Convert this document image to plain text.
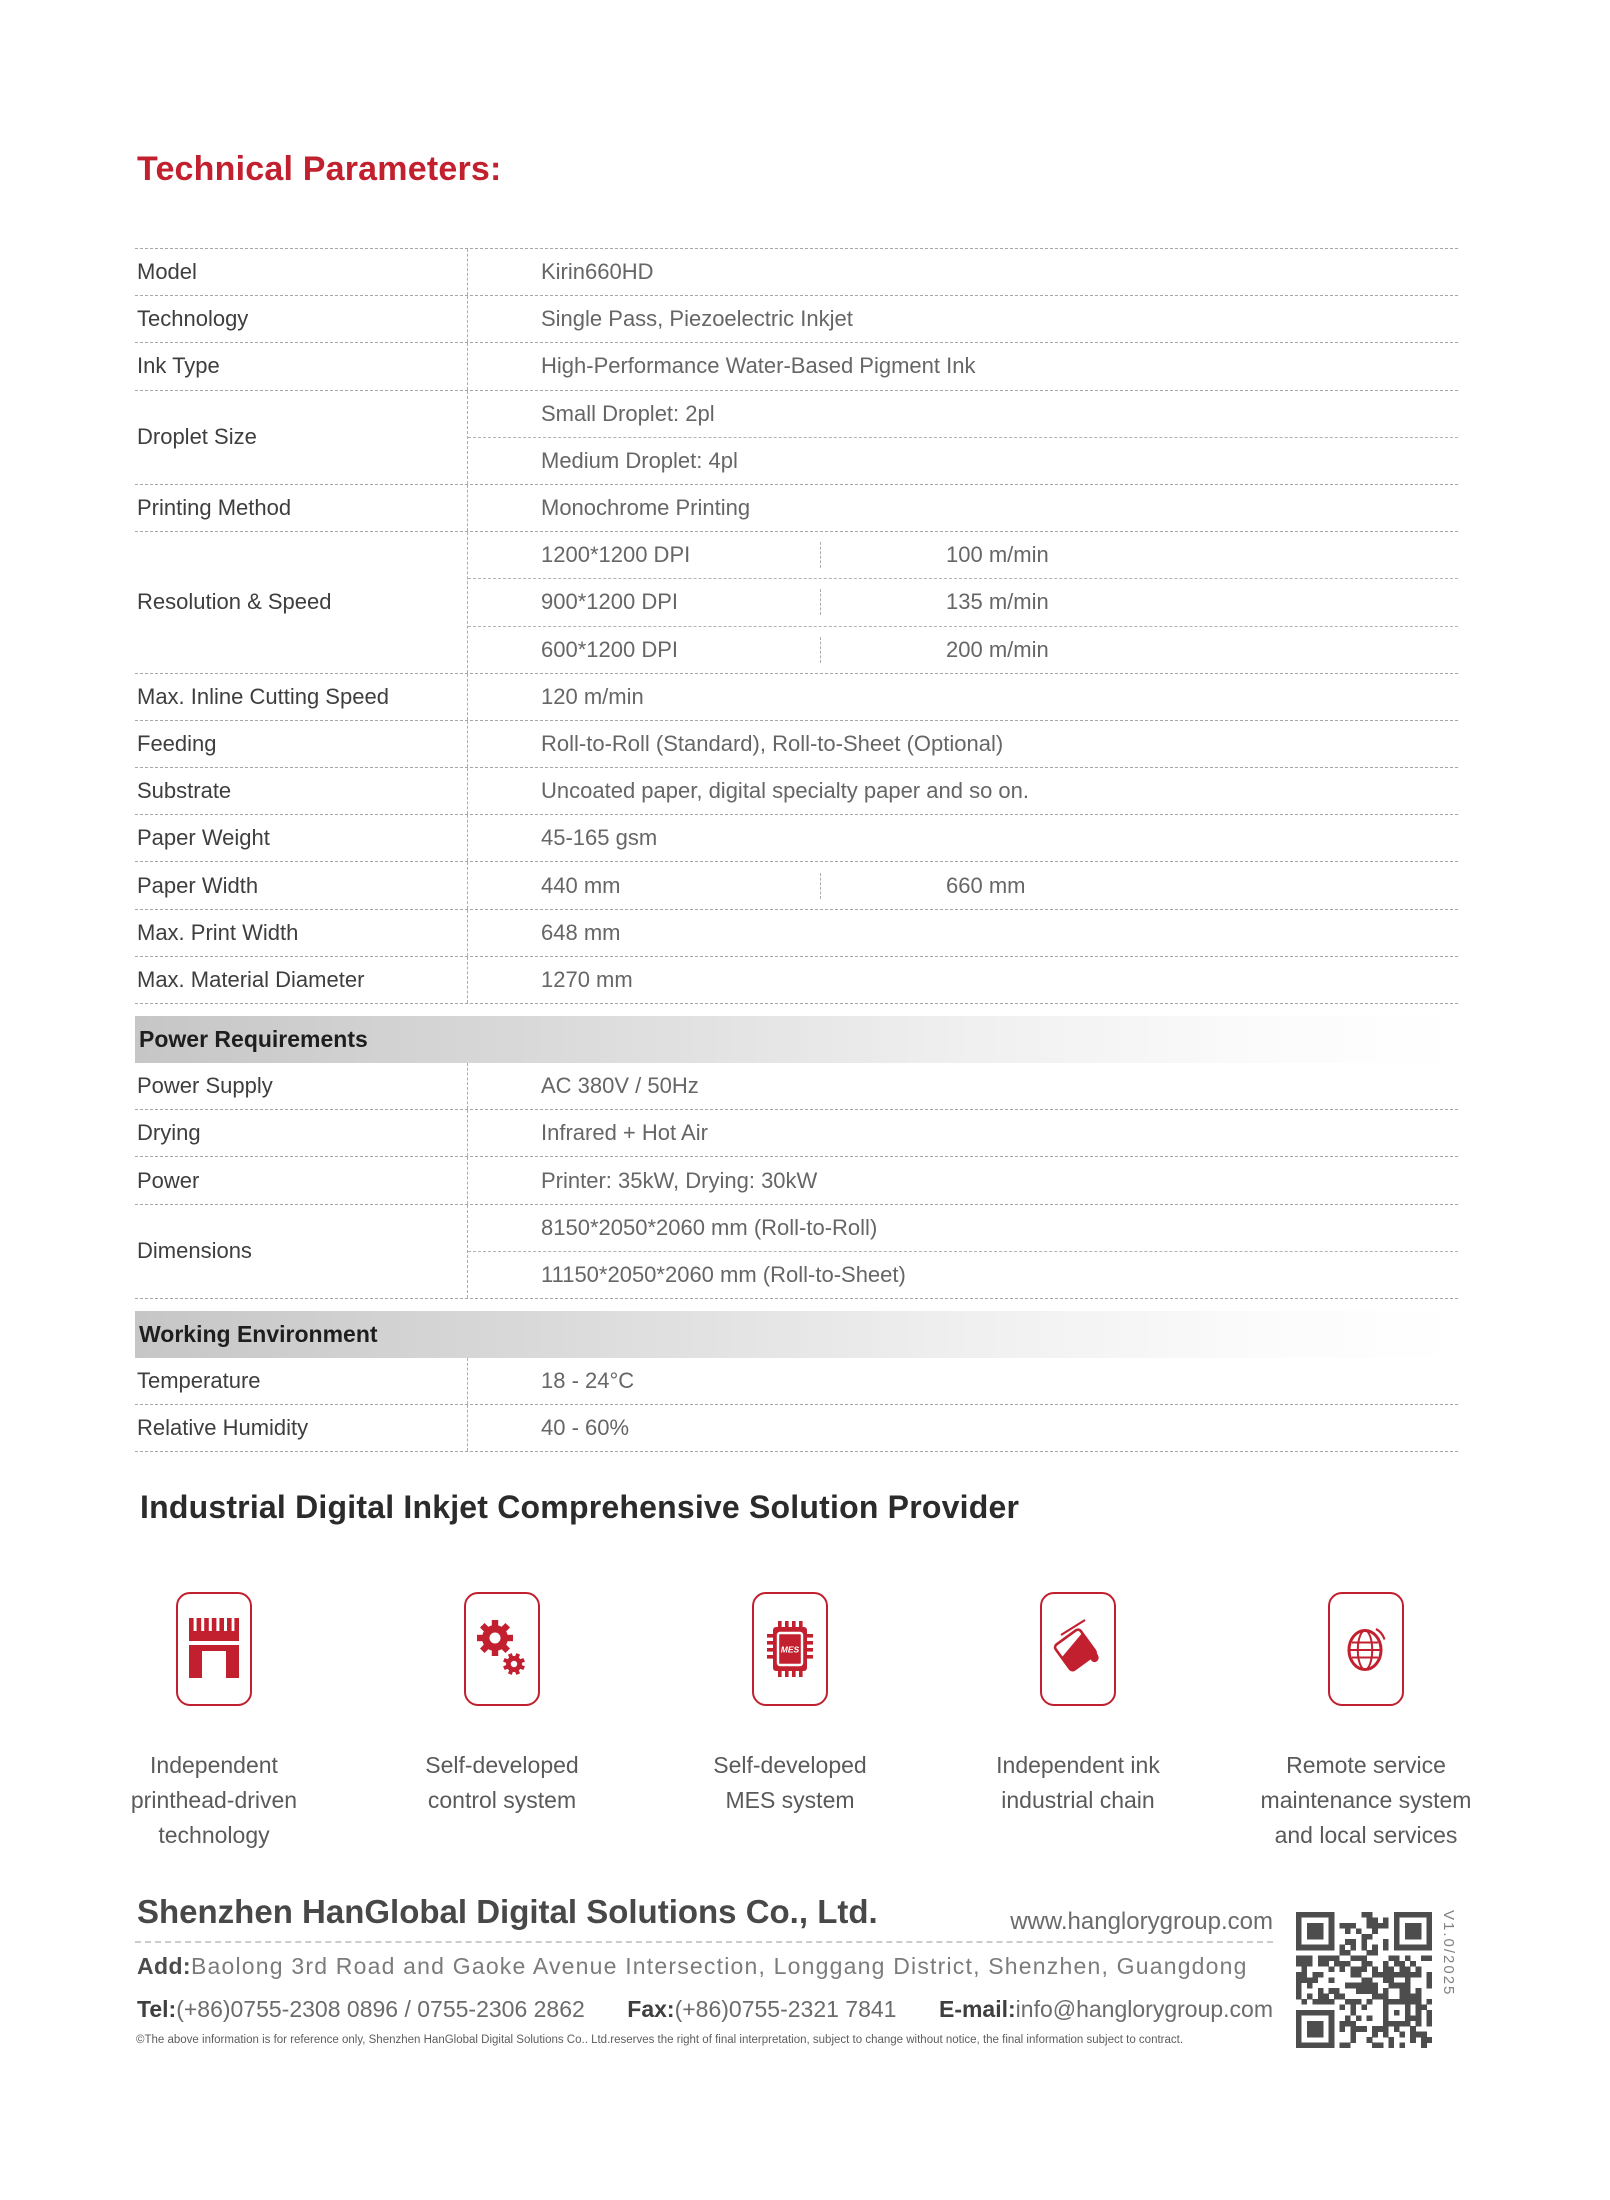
Technical Parameters:
Model	Kirin660HD
Technology	Single Pass, Piezoelectric Inkjet
Ink Type	High-Performance Water-Based Pigment Ink
Droplet Size
Small Droplet: 2pl
Medium Droplet: 4pl
Printing Method	Monochrome Printing
Resolution & Speed
1200*1200 DPI	100 m/min
900*1200 DPI	135 m/min
600*1200 DPI	200 m/min
Max. Inline Cutting Speed	120 m/min
Feeding	Roll-to-Roll (Standard), Roll-to-Sheet (Optional)
Substrate	Uncoated paper, digital specialty paper and so on.
Paper Weight	45-165 gsm
Paper Width	440 mm	660 mm
Max. Print Width	648 mm
Max. Material Diameter	1270 mm
Power Requirements
Power Supply	AC 380V / 50Hz
Drying	Infrared + Hot Air
Power	Printer: 35kW, Drying: 30kW
Dimensions
8150*2050*2060 mm (Roll-to-Roll)
11150*2050*2060 mm (Roll-to-Sheet)
Working Environment
Temperature	18 - 24°C
Relative Humidity	40 - 60%
Industrial Digital Inkjet Comprehensive Solution Provider
Independent
printhead-driven
technology
Self-developed
control system
MES
Self-developed
MES system
Independent ink
industrial chain
Remote service
maintenance system
and local services
Shenzhen HanGlobal Digital Solutions Co., Ltd.	www.hanglorygroup.com
Add:Baolong 3rd Road and Gaoke Avenue Intersection, Longgang District, Shenzhen, Guangdong
Tel:(+86)0755-2308 0896 / 0755-2306 2862 Fax:(+86)0755-2321 7841 E-mail:info@hanglorygroup.com
©The above information is for reference only, Shenzhen HanGlobal Digital Solutions Co.. Ltd.reserves the right of final interpretation, subject to change without notice, the final information subject to contract.
V1.0/2025
